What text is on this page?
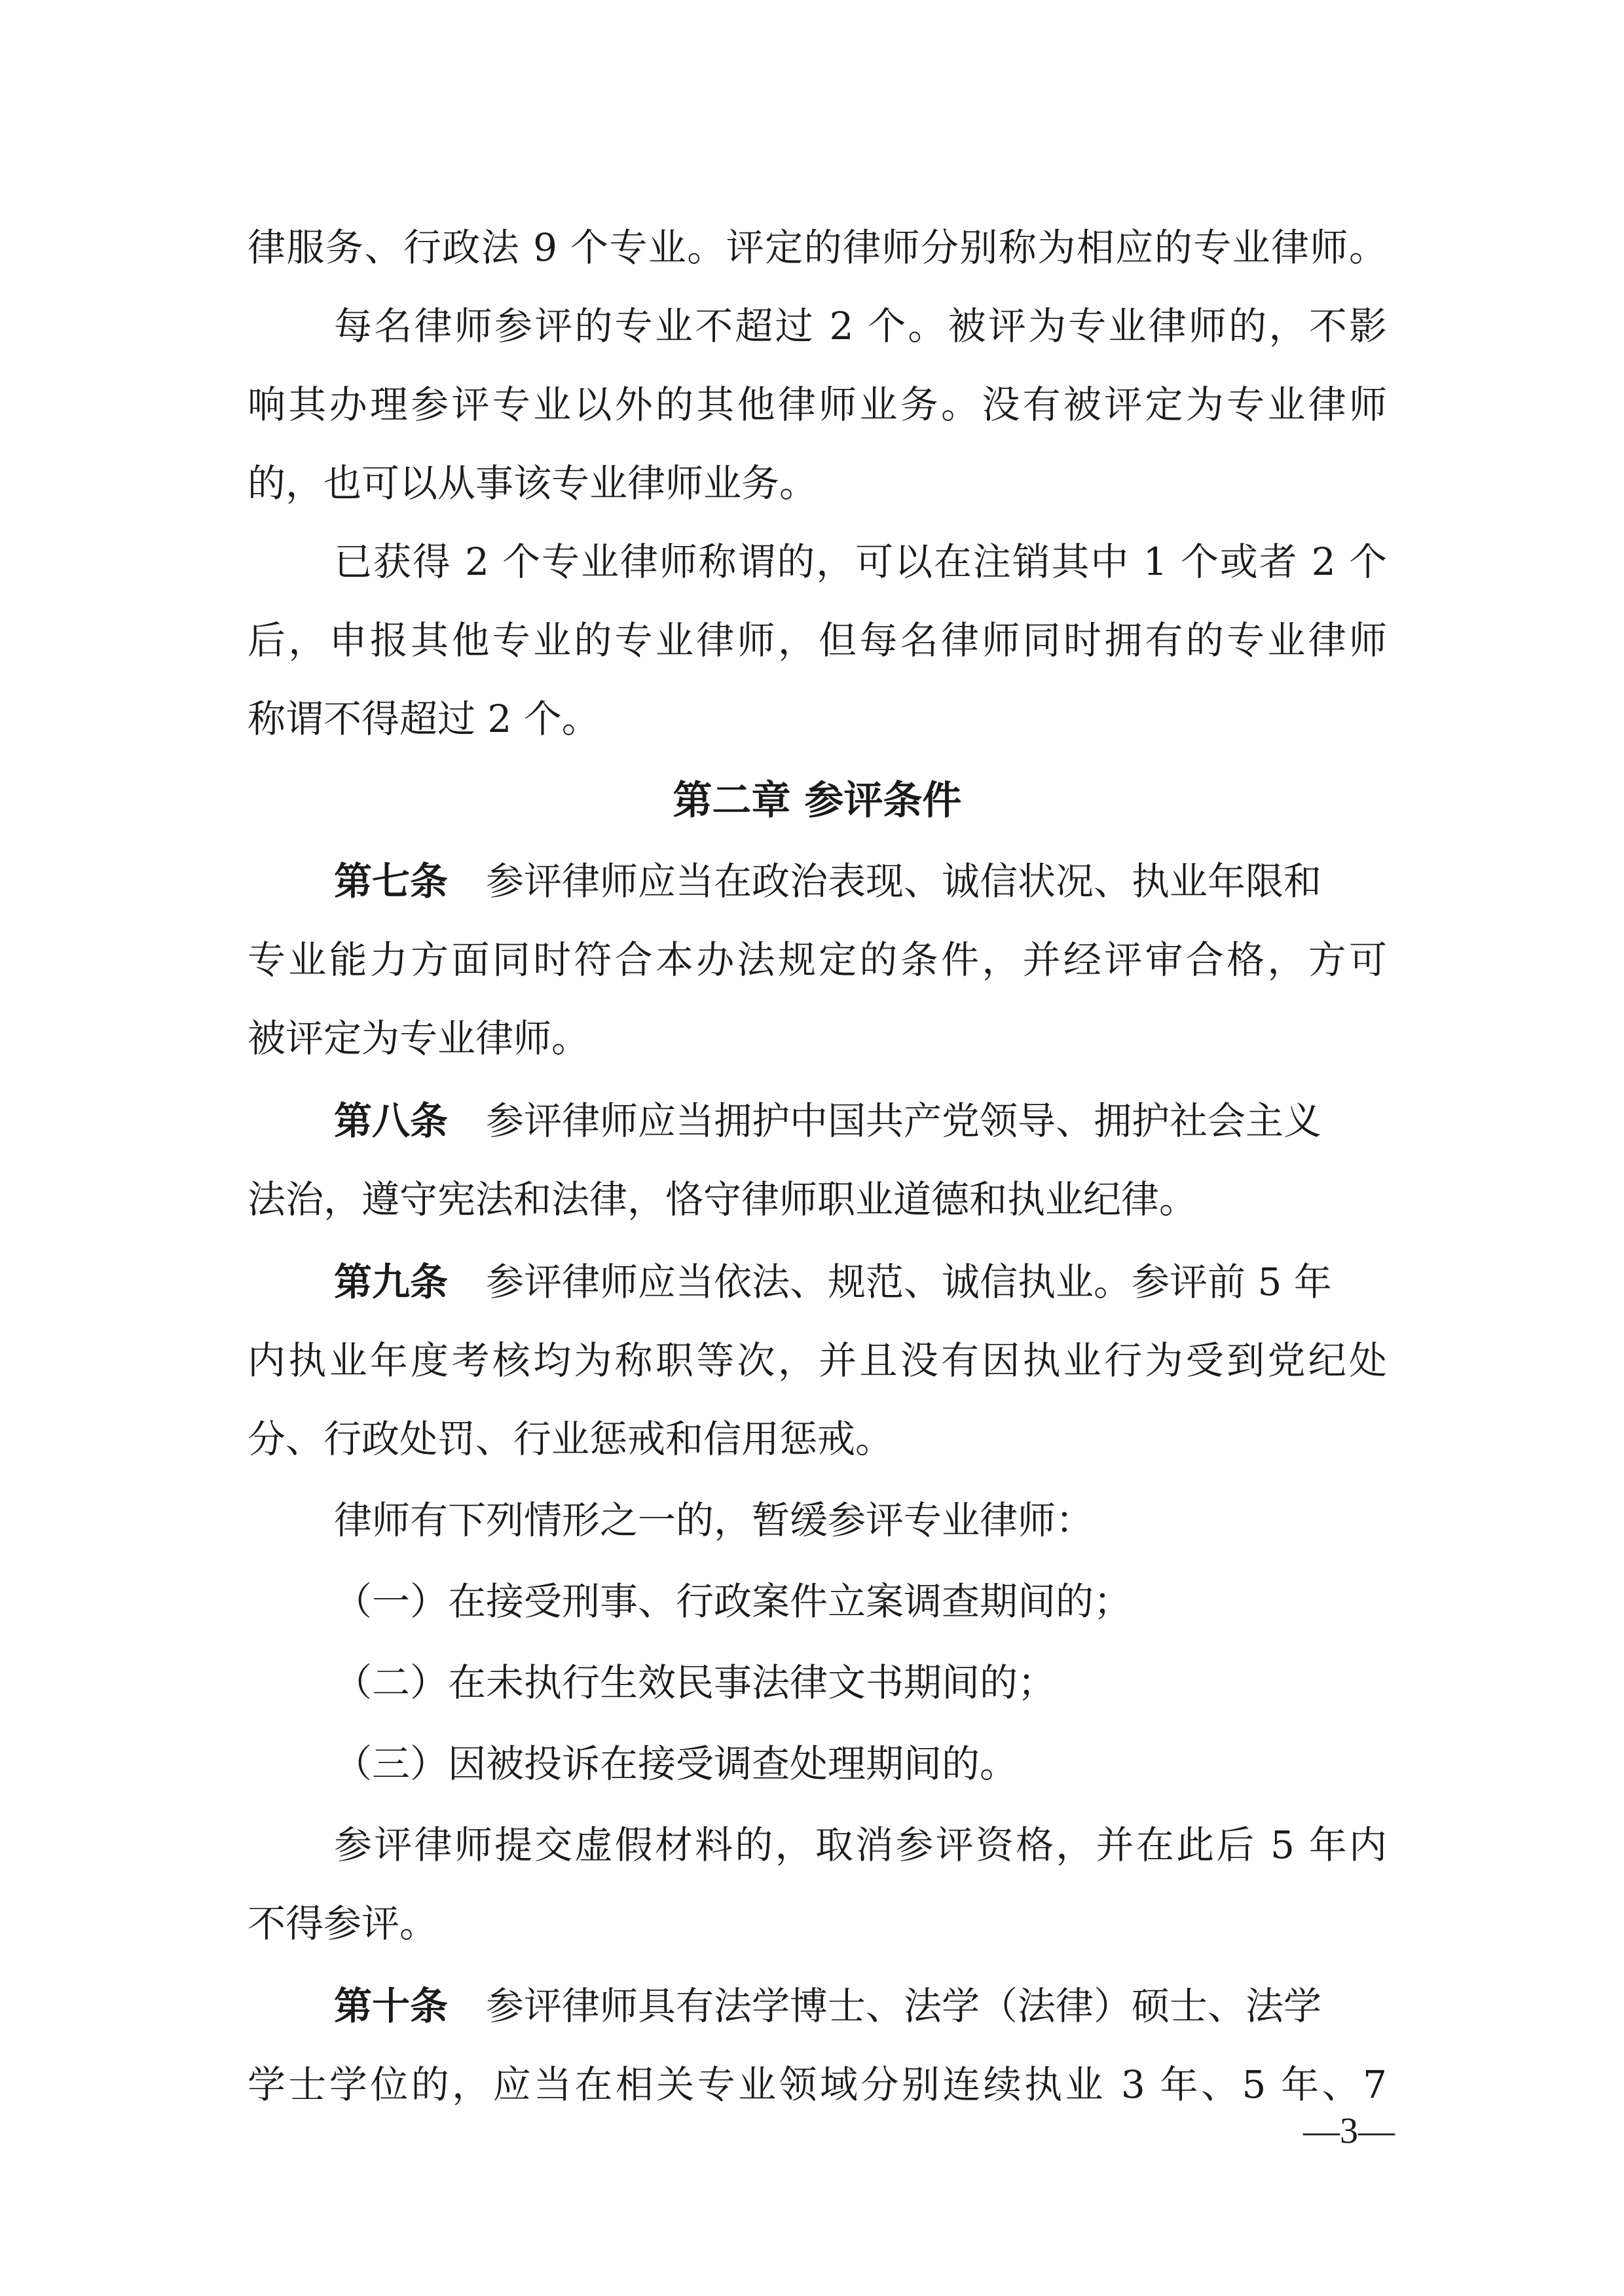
律服务、行政法 9 个专业。评定的律师分别称为相应的专业律师。
每名律师参评的专业不超过 2 个。被评为专业律师的，不影
响其办理参评专业以外的其他律师业务。没有被评定为专业律师
的，也可以从事该专业律师业务。
已获得 2 个专业律师称谓的，可以在注销其中 1 个或者 2 个
后，申报其他专业的专业律师，但每名律师同时拥有的专业律师
称谓不得超过 2 个。
第二章 参评条件
第七条 参评律师应当在政治表现、诚信状况、执业年限和
专业能力方面同时符合本办法规定的条件，并经评审合格，方可
被评定为专业律师。
第八条 参评律师应当拥护中国共产党领导、拥护社会主义
法治，遵守宪法和法律，恪守律师职业道德和执业纪律。
第九条 参评律师应当依法、规范、诚信执业。参评前 5 年
内执业年度考核均为称职等次，并且没有因执业行为受到党纪处
分、行政处罚、行业惩戒和信用惩戒。
律师有下列情形之一的，暂缓参评专业律师：
（一）在接受刑事、行政案件立案调查期间的；
（二）在未执行生效民事法律文书期间的；
（三）因被投诉在接受调查处理期间的。
参评律师提交虚假材料的，取消参评资格，并在此后 5 年内
不得参评。
第十条 参评律师具有法学博士、法学（法律）硕士、法学
学士学位的，应当在相关专业领域分别连续执业 3 年、5 年、7
—3—
